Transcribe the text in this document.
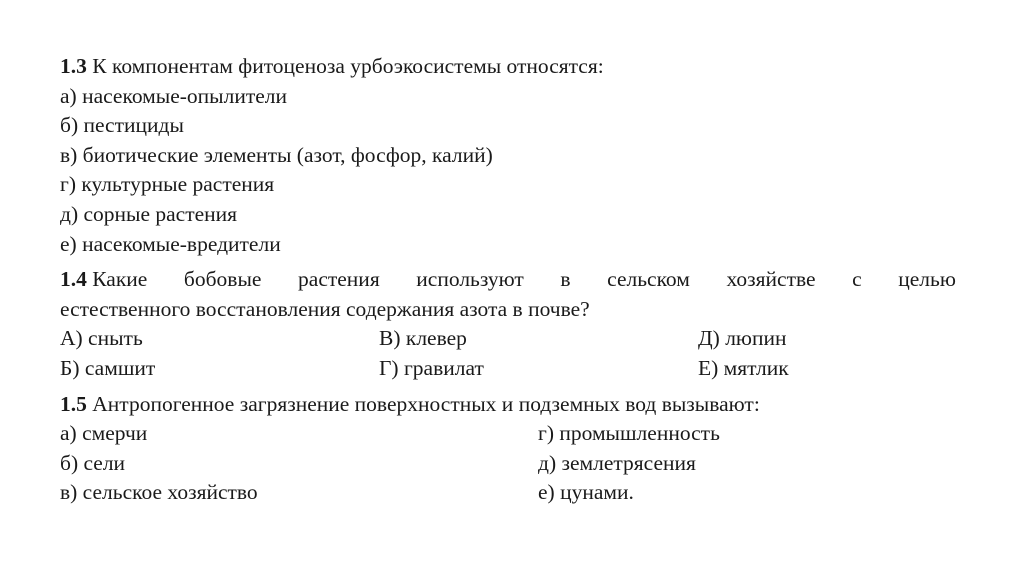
1.3 К компонентам фитоценоза урбоэкосистемы относятся:
а) насекомые-опылители
б) пестициды
в) биотические элементы (азот, фосфор, калий)
г) культурные растения
д) сорные растения
е) насекомые-вредители
1.4 Какие бобовые растения используют в сельском хозяйстве с целью
естественного восстановления содержания азота в почве?
А) сныть	В) клевер	Д) люпин
Б) самшит	Г) гравилат	Е) мятлик
1.5 Антропогенное загрязнение поверхностных и подземных вод вызывают:
а) смерчи	г) промышленность
б) сели	д) землетрясения
в) сельское хозяйство	е) цунами.
